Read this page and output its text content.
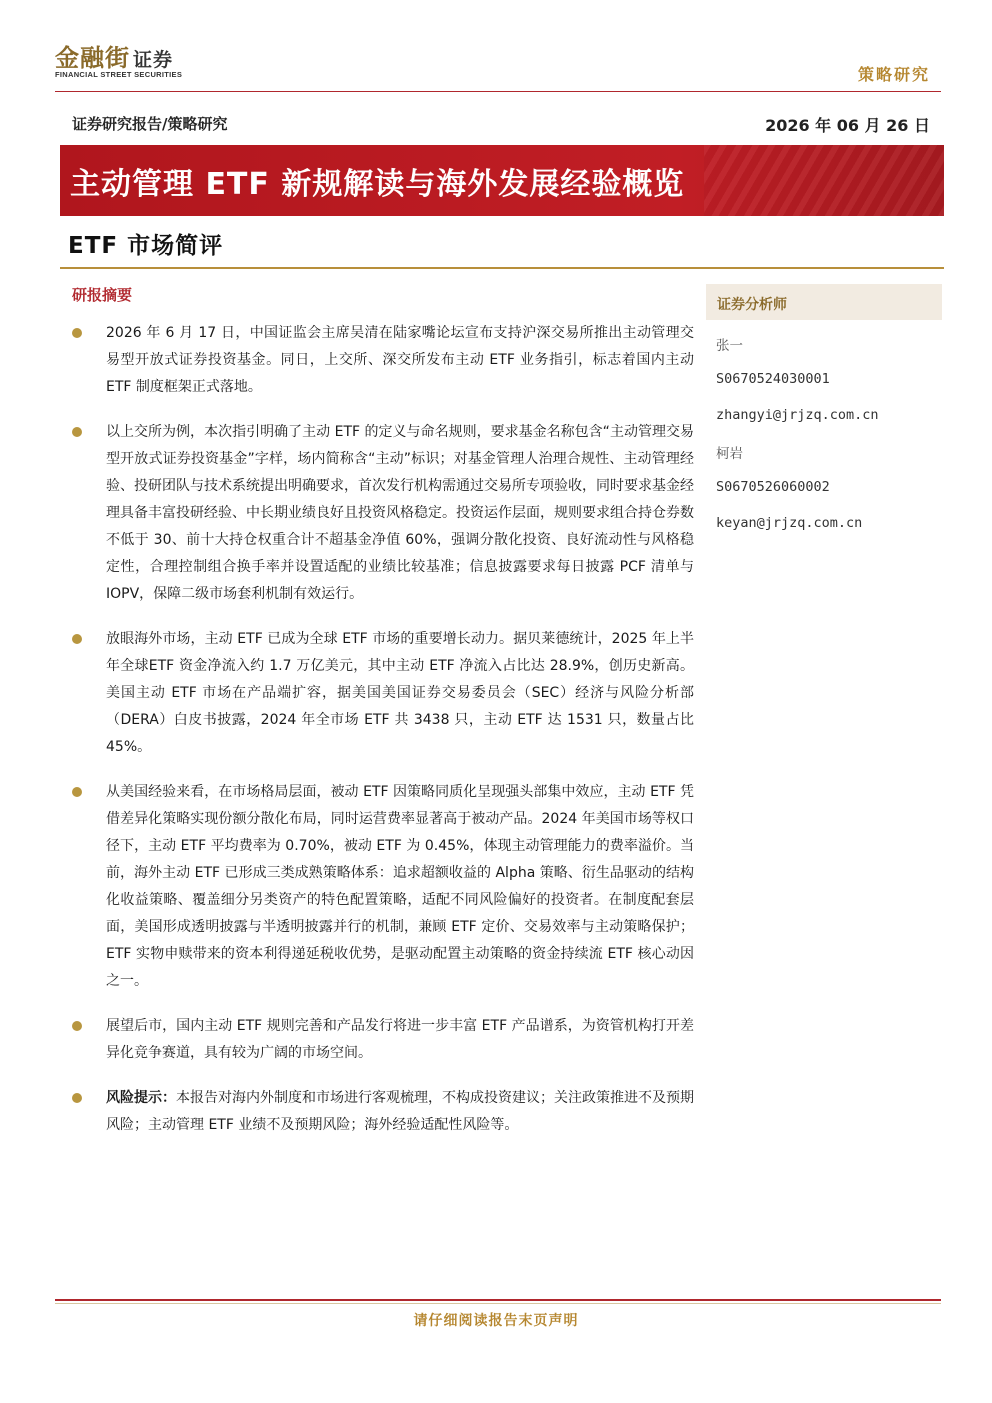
金融街 证券
FINANCIAL STREET SECURITIES	策略研究
证券研究报告/策略研究	2026 年 06 月 26 日
主动管理 ETF 新规解读与海外发展经验概览
ETF 市场简评
研报摘要
2026 年 6 月 17 日，中国证监会主席吴清在陆家嘴论坛宣布支持沪深交易所推出主动管理交易型开放式证券投资基金。同日，上交所、深交所发布主动 ETF 业务指引，标志着国内主动 ETF 制度框架正式落地。
以上交所为例，本次指引明确了主动 ETF 的定义与命名规则，要求基金名称包含“主动管理交易型开放式证券投资基金”字样，场内简称含“主动”标识；对基金管理人治理合规性、主动管理经验、投研团队与技术系统提出明确要求，首次发行机构需通过交易所专项验收，同时要求基金经理具备丰富投研经验、中长期业绩良好且投资风格稳定。投资运作层面，规则要求组合持仓券数不低于 30、前十大持仓权重合计不超基金净值 60%，强调分散化投资、良好流动性与风格稳定性，合理控制组合换手率并设置适配的业绩比较基准；信息披露要求每日披露 PCF 清单与 IOPV，保障二级市场套利机制有效运行。
放眼海外市场，主动 ETF 已成为全球 ETF 市场的重要增长动力。据贝莱德统计，2025 年上半年全球ETF 资金净流入约 1.7 万亿美元，其中主动 ETF 净流入占比达 28.9%，创历史新高。美国主动 ETF 市场在产品端扩容，据美国美国证券交易委员会（SEC）经济与风险分析部（DERA）白皮书披露，2024 年全市场 ETF 共 3438 只，主动 ETF 达 1531 只，数量占比 45%。
从美国经验来看，在市场格局层面，被动 ETF 因策略同质化呈现强头部集中效应，主动 ETF 凭借差异化策略实现份额分散化布局，同时运营费率显著高于被动产品。2024 年美国市场等权口径下，主动 ETF 平均费率为 0.70%，被动 ETF 为 0.45%，体现主动管理能力的费率溢价。当前，海外主动 ETF 已形成三类成熟策略体系：追求超额收益的 Alpha 策略、衍生品驱动的结构化收益策略、覆盖细分另类资产的特色配置策略，适配不同风险偏好的投资者。在制度配套层面，美国形成透明披露与半透明披露并行的机制，兼顾 ETF 定价、交易效率与主动策略保护；ETF 实物申赎带来的资本利得递延税收优势，是驱动配置主动策略的资金持续流 ETF 核心动因之一。
展望后市，国内主动 ETF 规则完善和产品发行将进一步丰富 ETF 产品谱系，为资管机构打开差异化竞争赛道，具有较为广阔的市场空间。
风险提示：本报告对海内外制度和市场进行客观梳理，不构成投资建议；关注政策推进不及预期风险；主动管理 ETF 业绩不及预期风险；海外经验适配性风险等。
证券分析师
张一
S0670524030001
zhangyi@jrjzq.com.cn
柯岩
S0670526060002
keyan@jrjzq.com.cn
请仔细阅读报告末页声明
